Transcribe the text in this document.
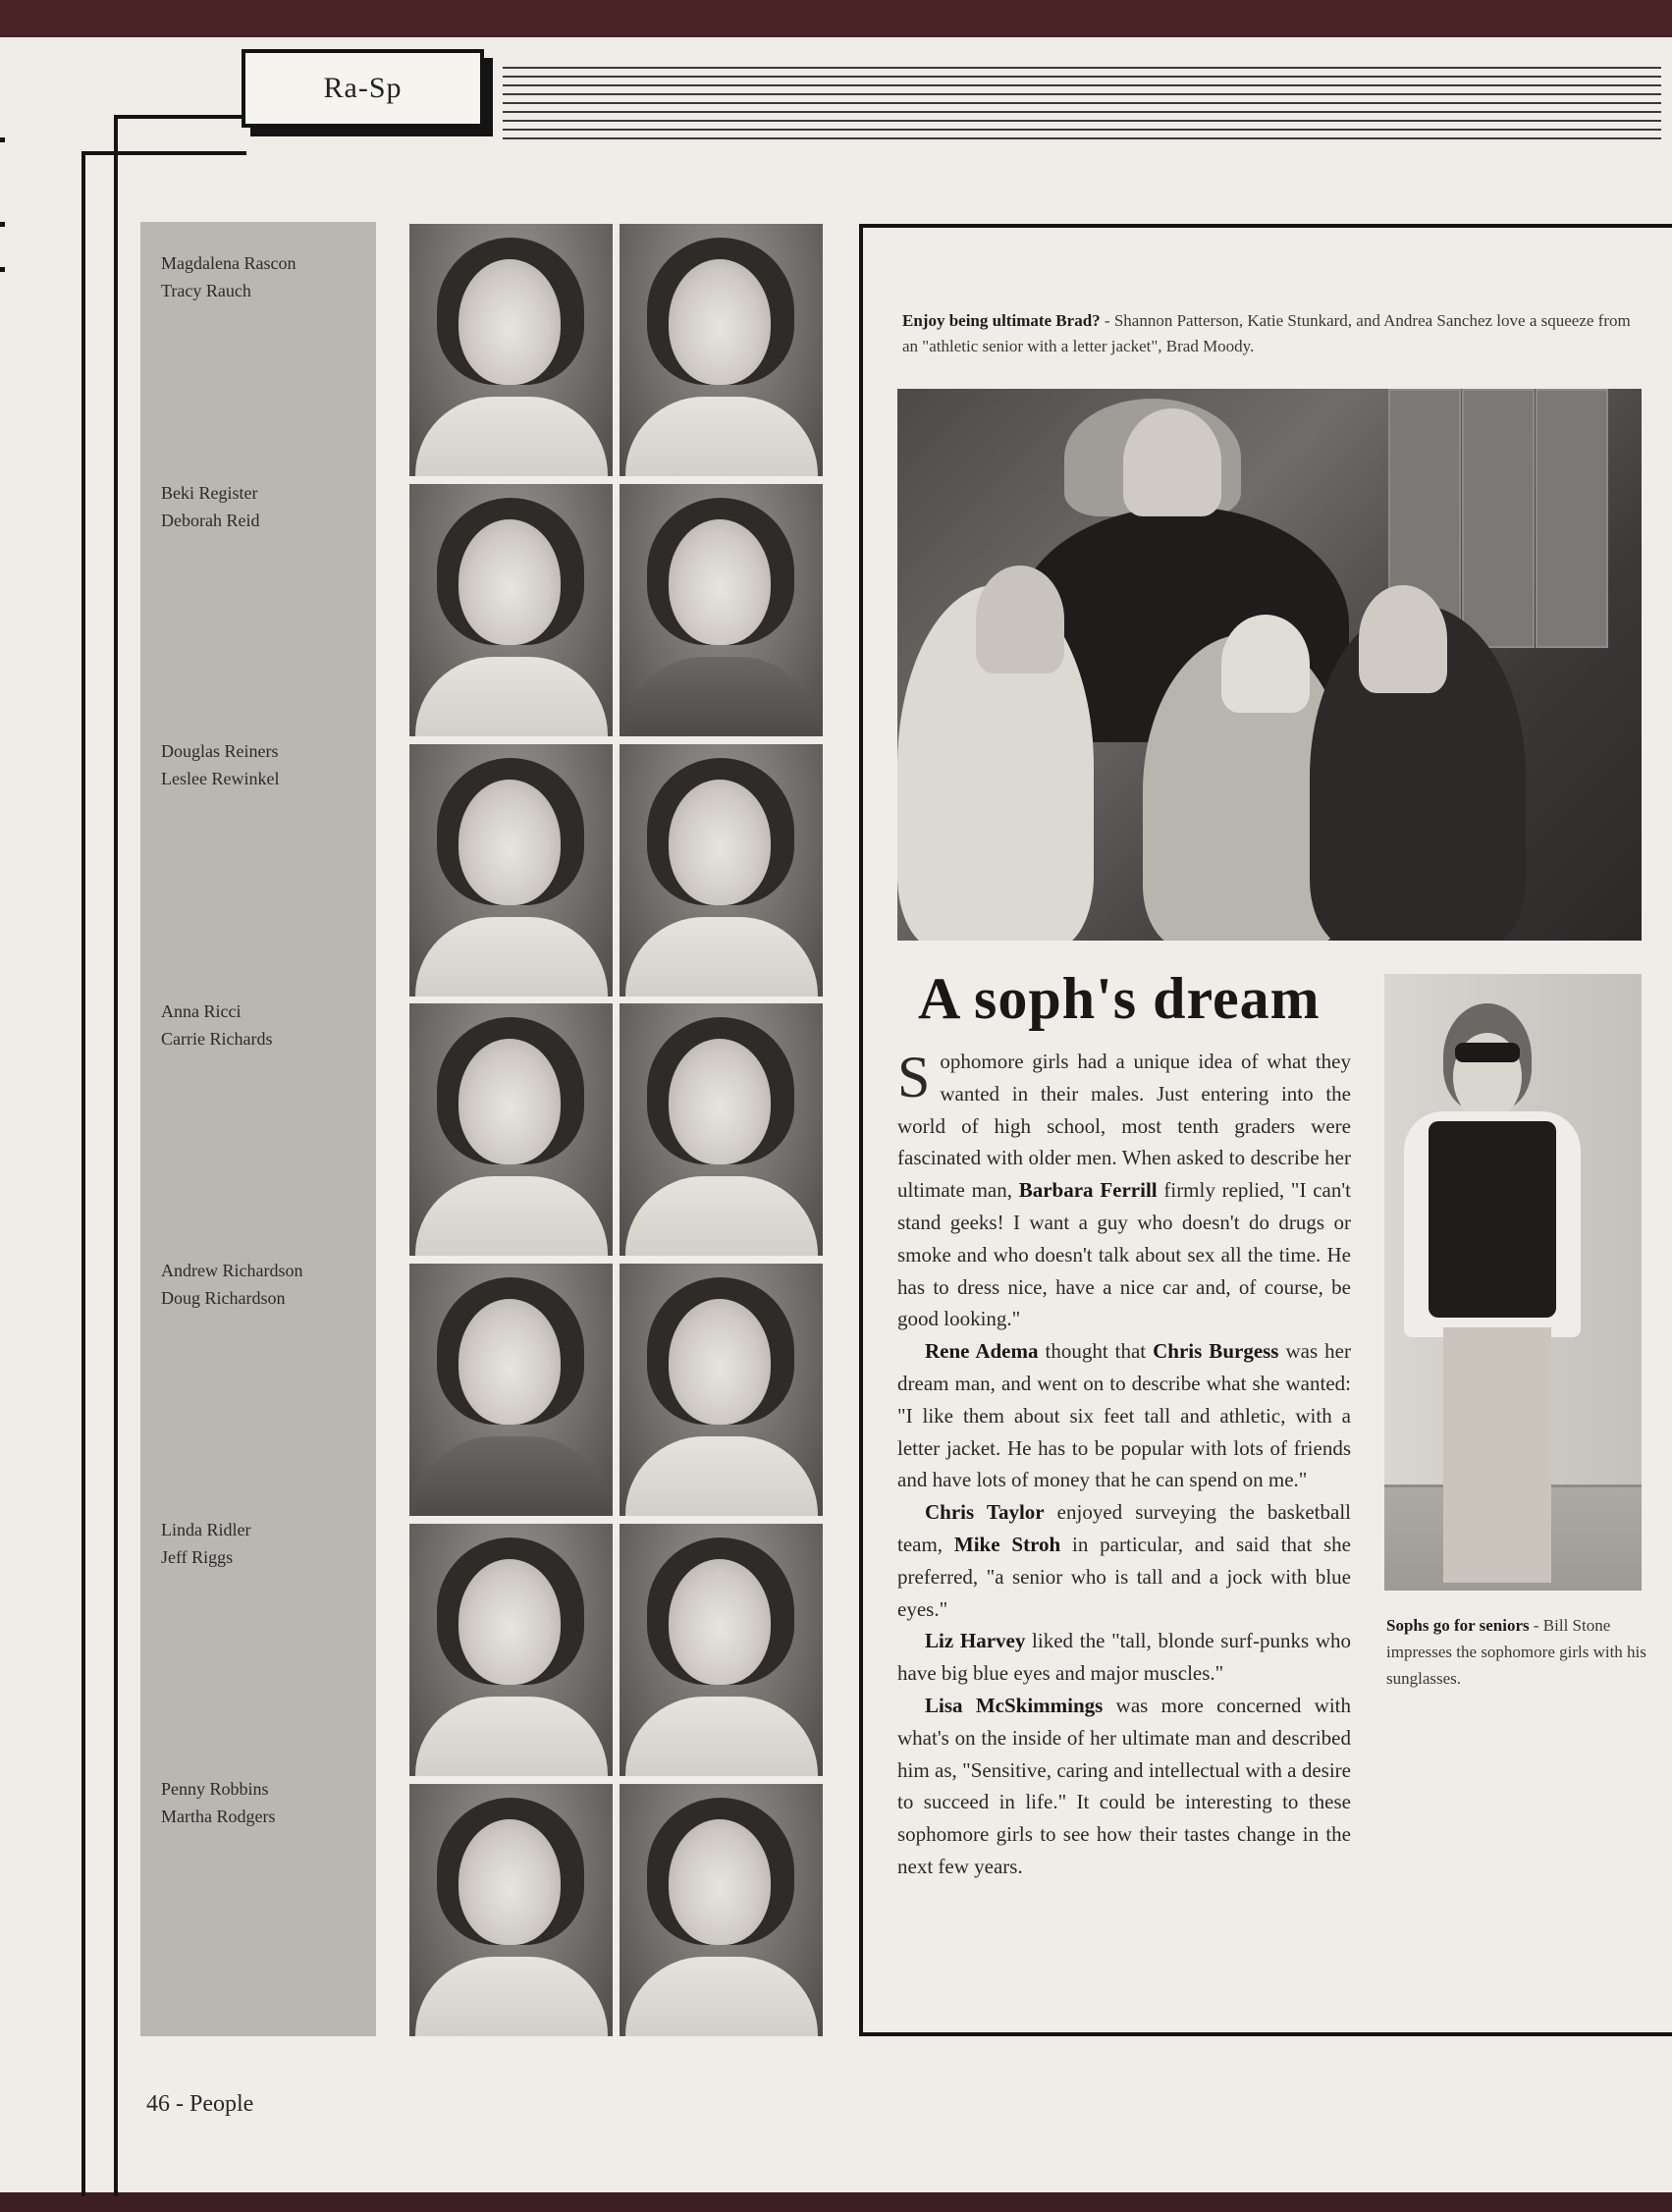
Ra-Sp
Magdalena Rascon
Tracy Rauch
Beki Register
Deborah Reid
Douglas Reiners
Leslee Rewinkel
Anna Ricci
Carrie Richards
Andrew Richardson
Doug Richardson
Linda Ridler
Jeff Riggs
Penny Robbins
Martha Rodgers
Enjoy being ultimate Brad? - Shannon Patterson, Katie Stunkard, and Andrea Sanchez love a squeeze from an "athletic senior with a letter jacket", Brad Moody.
A soph's dream

Sophomore girls had a unique idea of what they wanted in their males. Just entering into the world of high school, most tenth graders were fascinated with older men. When asked to describe her ultimate man, Barbara Ferrill firmly replied, "I can't stand geeks! I want a guy who doesn't do drugs or smoke and who doesn't talk about sex all the time. He has to dress nice, have a nice car and, of course, be good looking."

Rene Adema thought that Chris Burgess was her dream man, and went on to describe what she wanted: "I like them about six feet tall and athletic, with a letter jacket. He has to be popular with lots of friends and have lots of money that he can spend on me."

Chris Taylor enjoyed surveying the basketball team, Mike Stroh in particular, and said that she preferred, "a senior who is tall and a jock with blue eyes."

Liz Harvey liked the "tall, blonde surf-punks who have big blue eyes and major muscles."

Lisa McSkimmings was more concerned with what's on the inside of her ultimate man and described him as, "Sensitive, caring and intellectual with a desire to succeed in life." It could be interesting to these sophomore girls to see how their tastes change in the next few years.

Sophs go for seniors - Bill Stone impresses the sophomore girls with his sunglasses.
46 - People
